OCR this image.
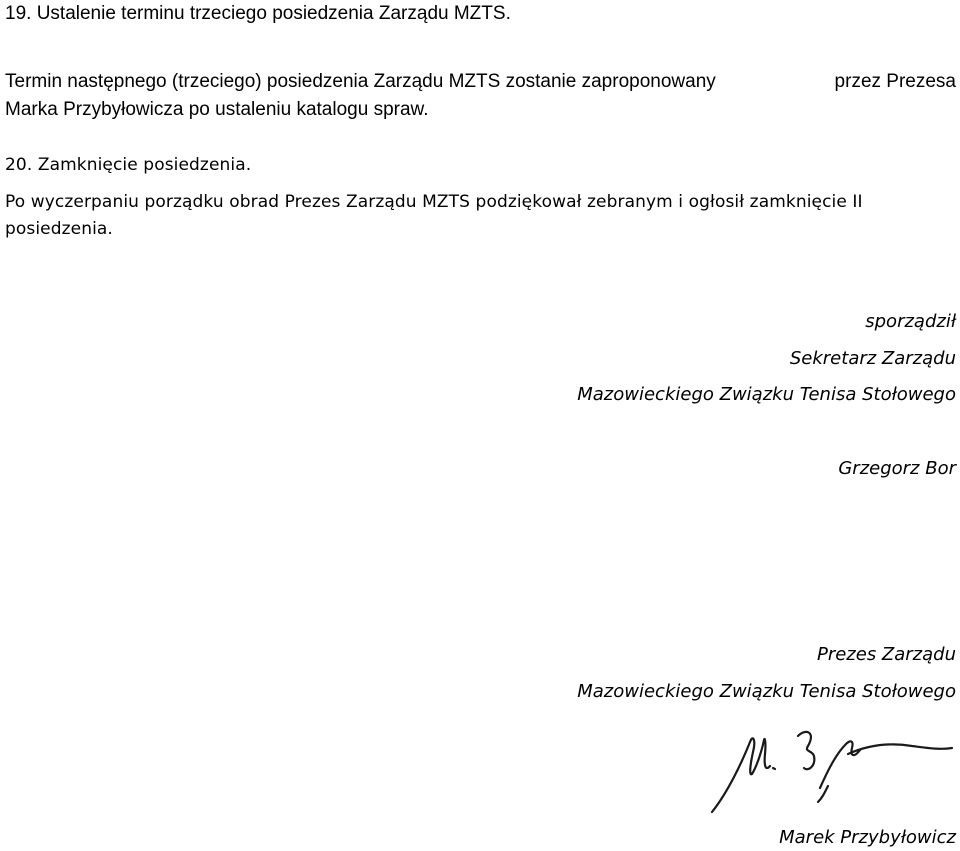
19. Ustalenie terminu trzeciego posiedzenia Zarządu MZTS.
Termin następnego (trzeciego) posiedzenia Zarządu MZTS zostanie zaproponowany	przez Prezesa
Marka Przybyłowicza po ustaleniu katalogu spraw.
20. Zamknięcie posiedzenia.
Po wyczerpaniu porządku obrad Prezes Zarządu MZTS podziękował zebranym i ogłosił zamknięcie II
posiedzenia.
sporządził
Sekretarz Zarządu
Mazowieckiego Związku Tenisa Stołowego
Grzegorz Bor
Prezes Zarządu
Mazowieckiego Związku Tenisa Stołowego
Marek Przybyłowicz
